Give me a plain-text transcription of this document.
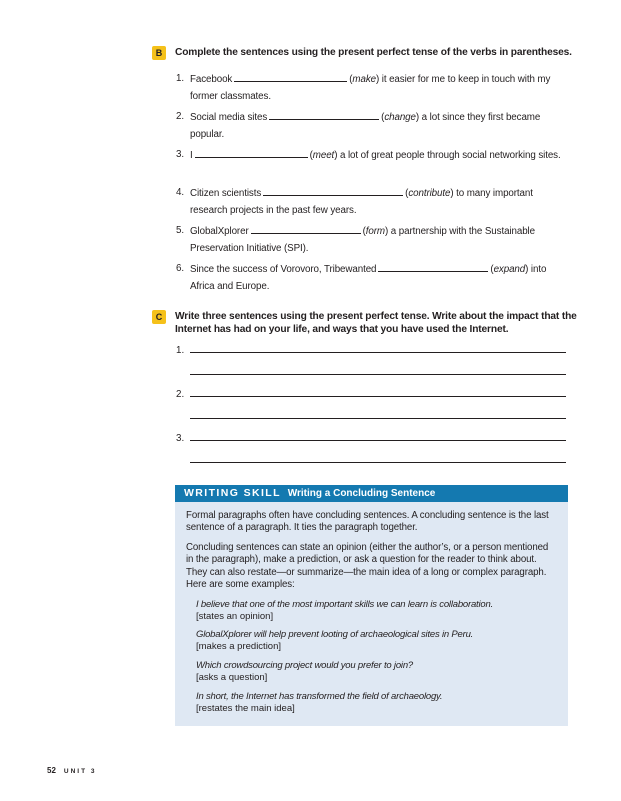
B	Complete the sentences using the present perfect tense of the verbs in parentheses.
1. Facebook	(make) it easier for me to keep in touch with my former classmates.
2. Social media sites	(change) a lot since they first became popular.
3. I	(meet) a lot of great people through social networking sites.
4. Citizen scientists	(contribute) to many important research projects in the past few years.
5. GlobalXplorer	(form) a partnership with the Sustainable Preservation Initiative (SPI).
6. Since the success of Vorovoro, Tribewanted	(expand) into Africa and Europe.
C	Write three sentences using the present perfect tense. Write about the impact that the
Internet has had on your life, and ways that you have used the Internet.
1.
2.
3.
WRITING SKILL Writing a Concluding Sentence
Formal paragraphs often have concluding sentences. A concluding sentence is the last sentence of a paragraph. It ties the paragraph together.
Concluding sentences can state an opinion (either the author’s, or a person mentioned in the paragraph), make a prediction, or ask a question for the reader to think about. They can also restate—or summarize—the main idea of a long or complex paragraph. Here are some examples:
I believe that one of the most important skills we can learn is collaboration.
[states an opinion]
GlobalXplorer will help prevent looting of archaeological sites in Peru.
[makes a prediction]
Which crowdsourcing project would you prefer to join?
[asks a question]
In short, the Internet has transformed the field of archaeology.
[restates the main idea]
52 UNIT 3
